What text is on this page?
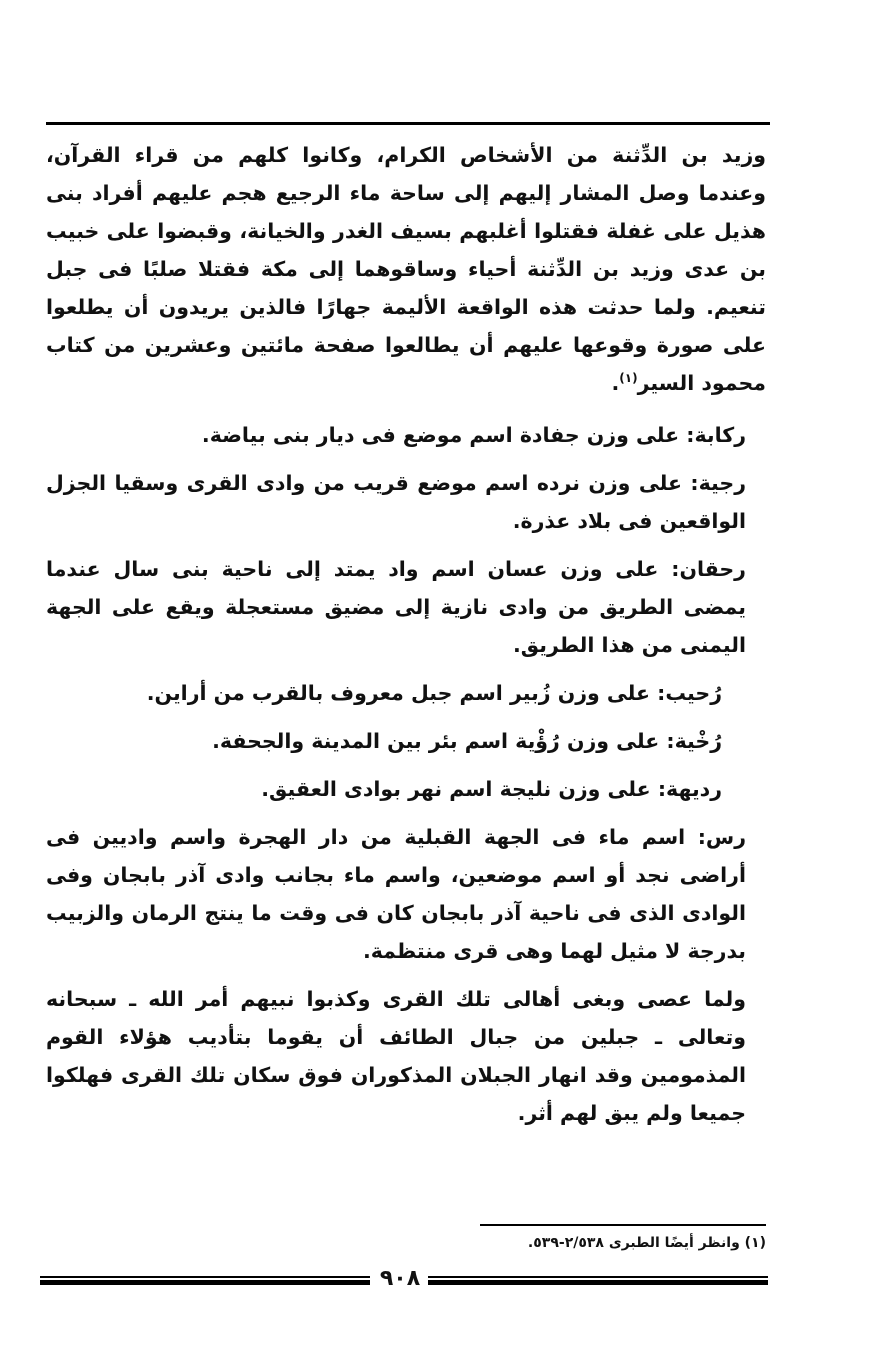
وزيد بن الدِّثنة من الأشخاص الكرام، وكانوا كلهم من قراء القرآن، وعندما وصل المشار إليهم إلى ساحة ماء الرجيع هجم عليهم أفراد بنى هذيل على غفلة فقتلوا أغلبهم بسيف الغدر والخيانة، وقبضوا على خبيب بن عدى وزيد بن الدِّثنة أحياء وساقوهما إلى مكة فقتلا صلبًا فى جبل تنعيم. ولما حدثت هذه الواقعة الأليمة جهارًا فالذين يريدون أن يطلعوا على صورة وقوعها عليهم أن يطالعوا صفحة مائتين وعشرين من كتاب محمود السير$^{(١)}$.

ركابة: على وزن جفادة اسم موضع فى ديار بنى بياضة.

رجية: على وزن نرده اسم موضع قريب من وادى القرى وسقيا الجزل الواقعين فى بلاد عذرة.

رحقان: على وزن عسان اسم واد يمتد إلى ناحية بنى سال عندما يمضى الطريق من وادى نازية إلى مضيق مستعجلة ويقع على الجهة اليمنى من هذا الطريق.

رُحيب: على وزن زُبير اسم جبل معروف بالقرب من أراين.

رُخْية: على وزن رُؤْية اسم بئر بين المدينة والجحفة.

رديهة: على وزن نليجة اسم نهر بوادى العقيق.

رس: اسم ماء فى الجهة القبلية من دار الهجرة واسم واديين فى أراضى نجد أو اسم موضعين، واسم ماء بجانب وادى آذر بابجان وفى الوادى الذى فى ناحية آذر بابجان كان فى وقت ما ينتج الرمان والزبيب بدرجة لا مثيل لهما وهى قرى منتظمة.

ولما عصى وبغى أهالى تلك القرى وكذبوا نبيهم أمر الله ـ سبحانه وتعالى ـ جبلين من جبال الطائف أن يقوما بتأديب هؤلاء القوم المذمومين وقد انهار الجبلان المذكوران فوق سكان تلك القرى فهلكوا جميعا ولم يبق لهم أثر.

(١) وانظر أيضًا الطبرى ٢/٥٣٨-٥٣٩.
٩٠٨
